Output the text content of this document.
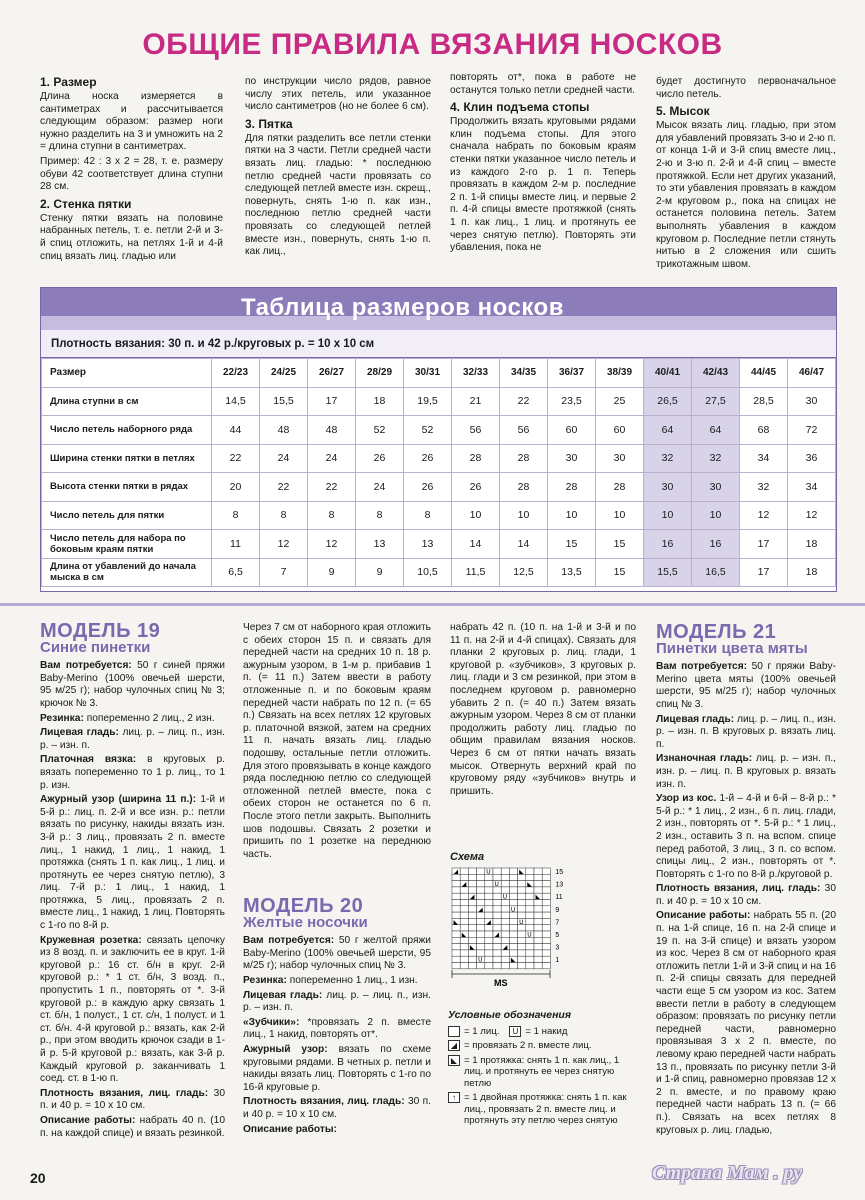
ОБЩИЕ ПРАВИЛА ВЯЗАНИЯ НОСКОВ
1. Размер

Длина носка измеряется в сантиметрах и рассчитывается следующим образом: размер ноги нужно разделить на 3 и умножить на 2 = длина ступни в сантиметрах.

Пример: 42 : 3 х 2 = 28, т. е. размеру обуви 42 соответствует длина ступни 28 см.

2. Стенка пятки

Стенку пятки вязать на половине набранных петель, т. е. петли 2-й и 3-й спиц отложить, на петлях 1-й и 4-й спиц вязать лиц. гладью или

по инструкции число рядов, равное числу этих петель, или указанное число сантиметров (но не более 6 см).

3. Пятка

Для пятки разделить все петли стенки пятки на 3 части. Петли средней части вязать лиц. гладью: * последнюю петлю средней части провязать со следующей петлей вместе изн. скрещ., повернуть, снять 1-ю п. как изн., последнюю петлю средней части провязать со следующей петлей вместе изн., повернуть, снять 1-ю п. как лиц.,

повторять от*, пока в работе не останутся только петли средней части.

4. Клин подъема стопы

Продолжить вязать круговыми рядами клин подъема стопы. Для этого сначала набрать по боковым краям стенки пятки указанное число петель и из каждого 2-го р. 1 п. Теперь провязать в каждом 2-м р. последние 2 п. 1-й спицы вместе лиц. и первые 2 п. 4-й спицы вместе протяжкой (снять 1 п. как лиц., 1 лиц. и протянуть ее через снятую петлю). Повторять эти убавления, пока не

будет достигнуто первоначальное число петель.

5. Мысок

Мысок вязать лиц. гладью, при этом для убавлений провязать 3-ю и 2-ю п. от конца 1-й и 3-й спиц вместе лиц., 2-ю и 3-ю п. 2-й и 4-й спиц – вместе протяжкой. Если нет других указаний, то эти убавления провязать в каждом 2-м круговом р., пока на спицах не останется половина петель. Затем выполнять убавления в каждом круговом р. Последние петли стянуть нитью в 2 сложения или сшить трикотажным швом.

Таблица размеров носков
Плотность вязания: 30 п. и 42 р./круговых р. = 10 х 10 см
Размер	22/23	24/25	26/27	28/29	30/31	32/33	34/35	36/37	38/39	40/41	42/43	44/45	46/47
Длина ступни в см	14,5	15,5	17	18	19,5	21	22	23,5	25	26,5	27,5	28,5	30
Число петель наборного ряда	44	48	48	52	52	56	56	60	60	64	64	68	72
Ширина стенки пятки в петлях	22	24	24	26	26	28	28	30	30	32	32	34	36
Высота стенки пятки в рядах	20	22	22	24	26	26	28	28	28	30	30	32	34
Число петель для пятки	8	8	8	8	8	10	10	10	10	10	10	12	12
Число петель для набора по боковым краям пятки	11	12	12	13	13	14	14	15	15	16	16	17	18
Длина от убавлений до начала мыска в см	6,5	7	9	9	10,5	11,5	12,5	13,5	15	15,5	16,5	17	18
МОДЕЛЬ 19
Синие пинетки

Вам потребуется: 50 г синей пряжи Baby-Merino (100% овечьей шерсти, 95 м/25 г); набор чулочных спиц № 3; крючок № 3.

Резинка: попеременно 2 лиц., 2 изн.

Лицевая гладь: лиц. р. – лиц. п., изн. р. – изн. п.

Платочная вязка: в круговых р. вязать попеременно то 1 р. лиц., то 1 р. изн.

Ажурный узор (ширина 11 п.): 1-й и 5-й р.: лиц. п. 2-й и все изн. р.: петли вязать по рисунку, накиды вязать изн. 3-й р.: 3 лиц., провязать 2 п. вместе лиц., 1 накид, 1 лиц., 1 накид, 1 протяжка (снять 1 п. как лиц., 1 лиц. и протянуть ее через снятую петлю), 3 лиц. 7-й р.: 1 лиц., 1 накид, 1 протяжка, 5 лиц., провязать 2 п. вместе лиц., 1 накид, 1 лиц. Повторять с 1-го по 8-й р.

Кружевная розетка: связать цепочку из 8 возд. п. и заключить ее в круг. 1-й круговой р.: 16 ст. б/н в круг. 2-й круговой р.: * 1 ст. б/н, 3 возд. п., пропустить 1 п., повторять от *. 3-й круговой р.: в каждую арку связать 1 ст. б/н, 1 полуст., 1 ст. с/н, 1 полуст. и 1 ст. б/н. 4-й круговой р.: вязать, как 2-й р., при этом вводить крючок сзади в 1-й р. 5-й круговой р.: вязать, как 3-й р. Каждый круговой р. заканчивать 1 соед. ст. в 1-ю п.

Плотность вязания, лиц. гладь: 30 п. и 40 р. = 10 х 10 см.

Описание работы: набрать 40 п. (10 п. на каждой спице) и вязать резинкой.

Через 7 см от наборного края отложить с обеих сторон 15 п. и связать для передней части на средних 10 п. 18 р. ажурным узором, в 1-м р. прибавив 1 п. (= 11 п.) Затем ввести в работу отложенные п. и по боковым краям передней части набрать по 12 п. (= 65 п.) Связать на всех петлях 12 круговых р. платочной вязкой, затем на средних 11 п. начать вязать лиц. гладью подошву, остальные петли отложить. Для этого провязывать в конце каждого ряда последнюю петлю со следующей отложенной петлей вместе, пока с обеих сторон не останется по 6 п. После этого петли закрыть. Выполнить шов подошвы. Связать 2 розетки и пришить по 1 розетке на переднюю часть.

МОДЕЛЬ 20
Желтые носочки

Вам потребуется: 50 г желтой пряжи Baby-Merino (100% овечьей шерсти, 95 м/25 г); набор чулочных спиц № 3.

Резинка: попеременно 1 лиц., 1 изн.

Лицевая гладь: лиц. р. – лиц. п., изн. р. – изн. п.

«Зубчики»: *провязать 2 п. вместе лиц., 1 накид, повторять от*.

Ажурный узор: вязать по схеме круговыми рядами. В четных р. петли и накиды вязать лиц. Повторять с 1-го по 16-й круговые р.

Плотность вязания, лиц. гладь: 30 п. и 40 р. = 10 х 10 см.

Описание работы:

набрать 42 п. (10 п. на 1-й и 3-й и по 11 п. на 2-й и 4-й спицах). Связать для планки 2 круговых р. лиц. глади, 1 круговой р. «зубчиков», 3 круговых р. лиц. глади и 3 см резинкой, при этом в последнем круговом р. равномерно убавить 2 п. (= 40 п.) Затем вязать ажурным узором. Через 8 см от планки продолжить работу лиц. гладью по общим правилам вязания носков. Через 6 см от пятки начать вязать мысок. Отвернуть верхний край по круговому ряду «зубчиков» внутрь и пришить.

Схема
◢	U	◣
◢	U	◣
◢	U	◣
◢	U
◣	◢	U
◣	◢	U
◣	◢
U	◣
15
13
11
9
7
5
3
1
MS
Условные обозначения
= 1 лиц.	U = 1 накид
◢ = провязать 2 п. вместе лиц.
◣ = 1 протяжка: снять 1 п. как лиц., 1 лиц. и протянуть ее через снятую петлю
↑ = 1 двойная протяжка: снять 1 п. как лиц., провязать 2 п. вместе лиц. и протянуть эту петлю через снятую
МОДЕЛЬ 21
Пинетки цвета мяты

Вам потребуется: 50 г пряжи Baby-Merino цвета мяты (100% овечьей шерсти, 95 м/25 г); набор чулочных спиц № 3.

Лицевая гладь: лиц. р. – лиц. п., изн. р. – изн. п. В круговых р. вязать лиц. п.

Изнаночная гладь: лиц. р. – изн. п., изн. р. – лиц. п. В круговых р. вязать изн. п.

Узор из кос. 1-й – 4-й и 6-й – 8-й р.: * 5-й р.: * 1 лиц., 2 изн., 6 п. лиц. глади, 2 изн., повторять от *. 5-й р.: * 1 лиц., 2 изн., оставить 3 п. на вспом. спице перед работой, 3 лиц., 3 п. со вспом. спицы лиц., 2 изн., повторять от *. Повторять с 1-го по 8-й р./круговой р.

Плотность вязания, лиц. гладь: 30 п. и 40 р. = 10 х 10 см.

Описание работы: набрать 55 п. (20 п. на 1-й спице, 16 п. на 2-й спице и 19 п. на 3-й спице) и вязать узором из кос. Через 8 см от наборного края отложить петли 1-й и 3-й спиц и на 16 п. 2-й спицы связать для передней части еще 5 см узором из кос. Затем ввести петли в работу в следующем образом: провязать по рисунку петли передней части, равномерно провязывая 3 х 2 п. вместе, по левому краю передней части набрать 13 п., провязать по рисунку петли 3-й и 1-й спиц, равномерно провязав 12 х 2 п. вместе, и по правому краю передней части набрать 13 п. (= 66 п.). Связать на всех петлях 8 круговых р. лиц. гладью,

20	Страна Мам . ру
